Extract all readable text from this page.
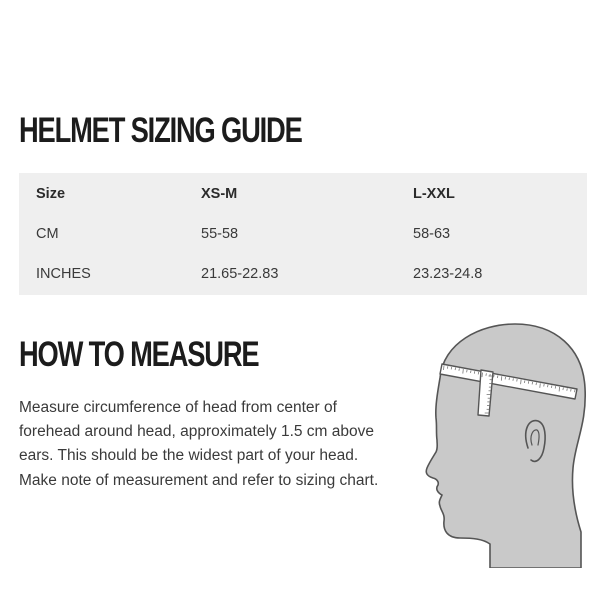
HELMET SIZING GUIDE
Size	XS-M	L-XXL
CM	55-58	58-63
INCHES	21.65-22.83	23.23-24.8
HOW TO MEASURE

Measure circumference of head from center of forehead around head, approximately 1.5 cm above ears. This should be the widest part of your head. Make note of measurement and refer to sizing chart.
